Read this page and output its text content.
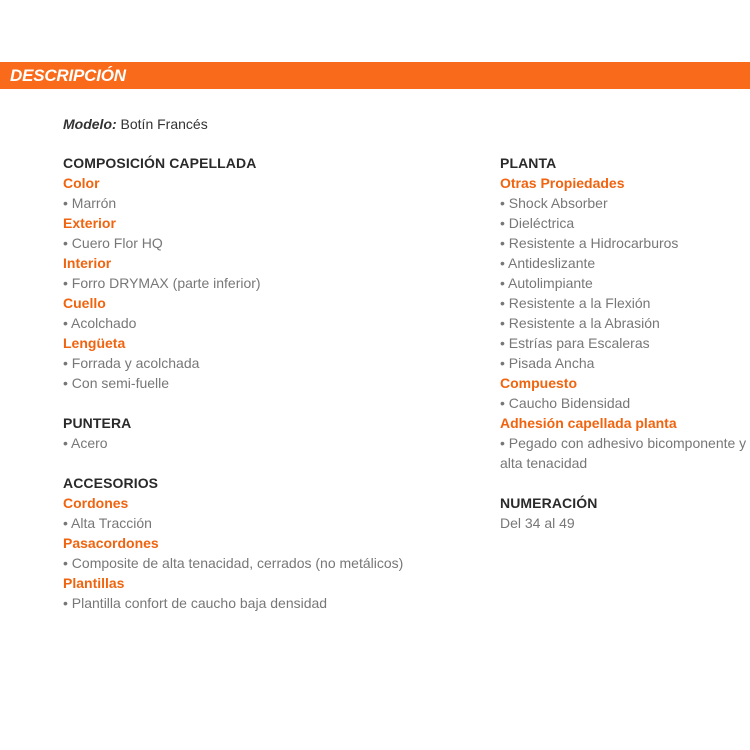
DESCRIPCIÓN
Modelo: Botín Francés
COMPOSICIÓN CAPELLADA
Color
• Marrón
Exterior
• Cuero Flor HQ
Interior
• Forro DRYMAX (parte inferior)
Cuello
• Acolchado
Lengüeta
• Forrada y acolchada
• Con semi-fuelle
PUNTERA
• Acero
ACCESORIOS
Cordones
• Alta Tracción
Pasacordones
• Composite de alta tenacidad, cerrados (no metálicos)
Plantillas
• Plantilla confort de caucho baja densidad
PLANTA
Otras Propiedades
• Shock Absorber
• Dieléctrica
• Resistente a Hidrocarburos
• Antideslizante
• Autolimpiante
• Resistente a la Flexión
• Resistente a la Abrasión
• Estrías para Escaleras
• Pisada Ancha
Compuesto
• Caucho Bidensidad
Adhesión capellada planta
• Pegado con adhesivo bicomponente y alta tenacidad
NUMERACIÓN
Del 34 al 49
